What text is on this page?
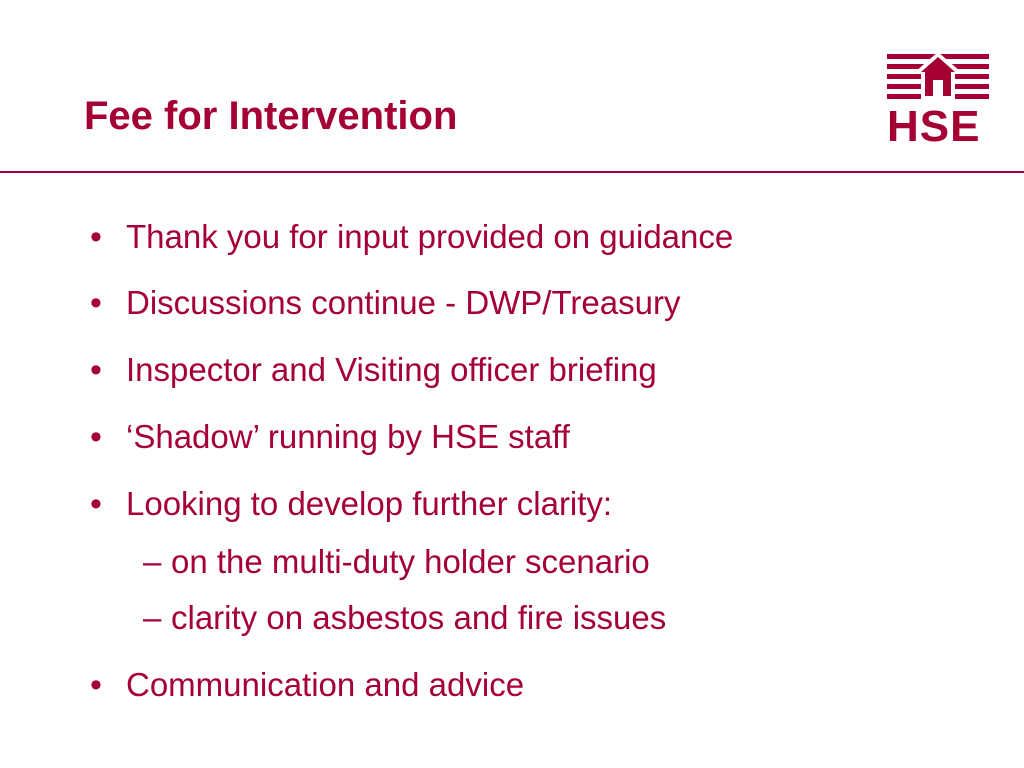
Fee for Intervention	HSE
• Thank you for input provided on guidance
• Discussions continue - DWP/Treasury
• Inspector and Visiting officer briefing
• ‘Shadow’ running by HSE staff
• Looking to develop further clarity:
– on the multi-duty holder scenario
– clarity on asbestos and fire issues
• Communication and advice
